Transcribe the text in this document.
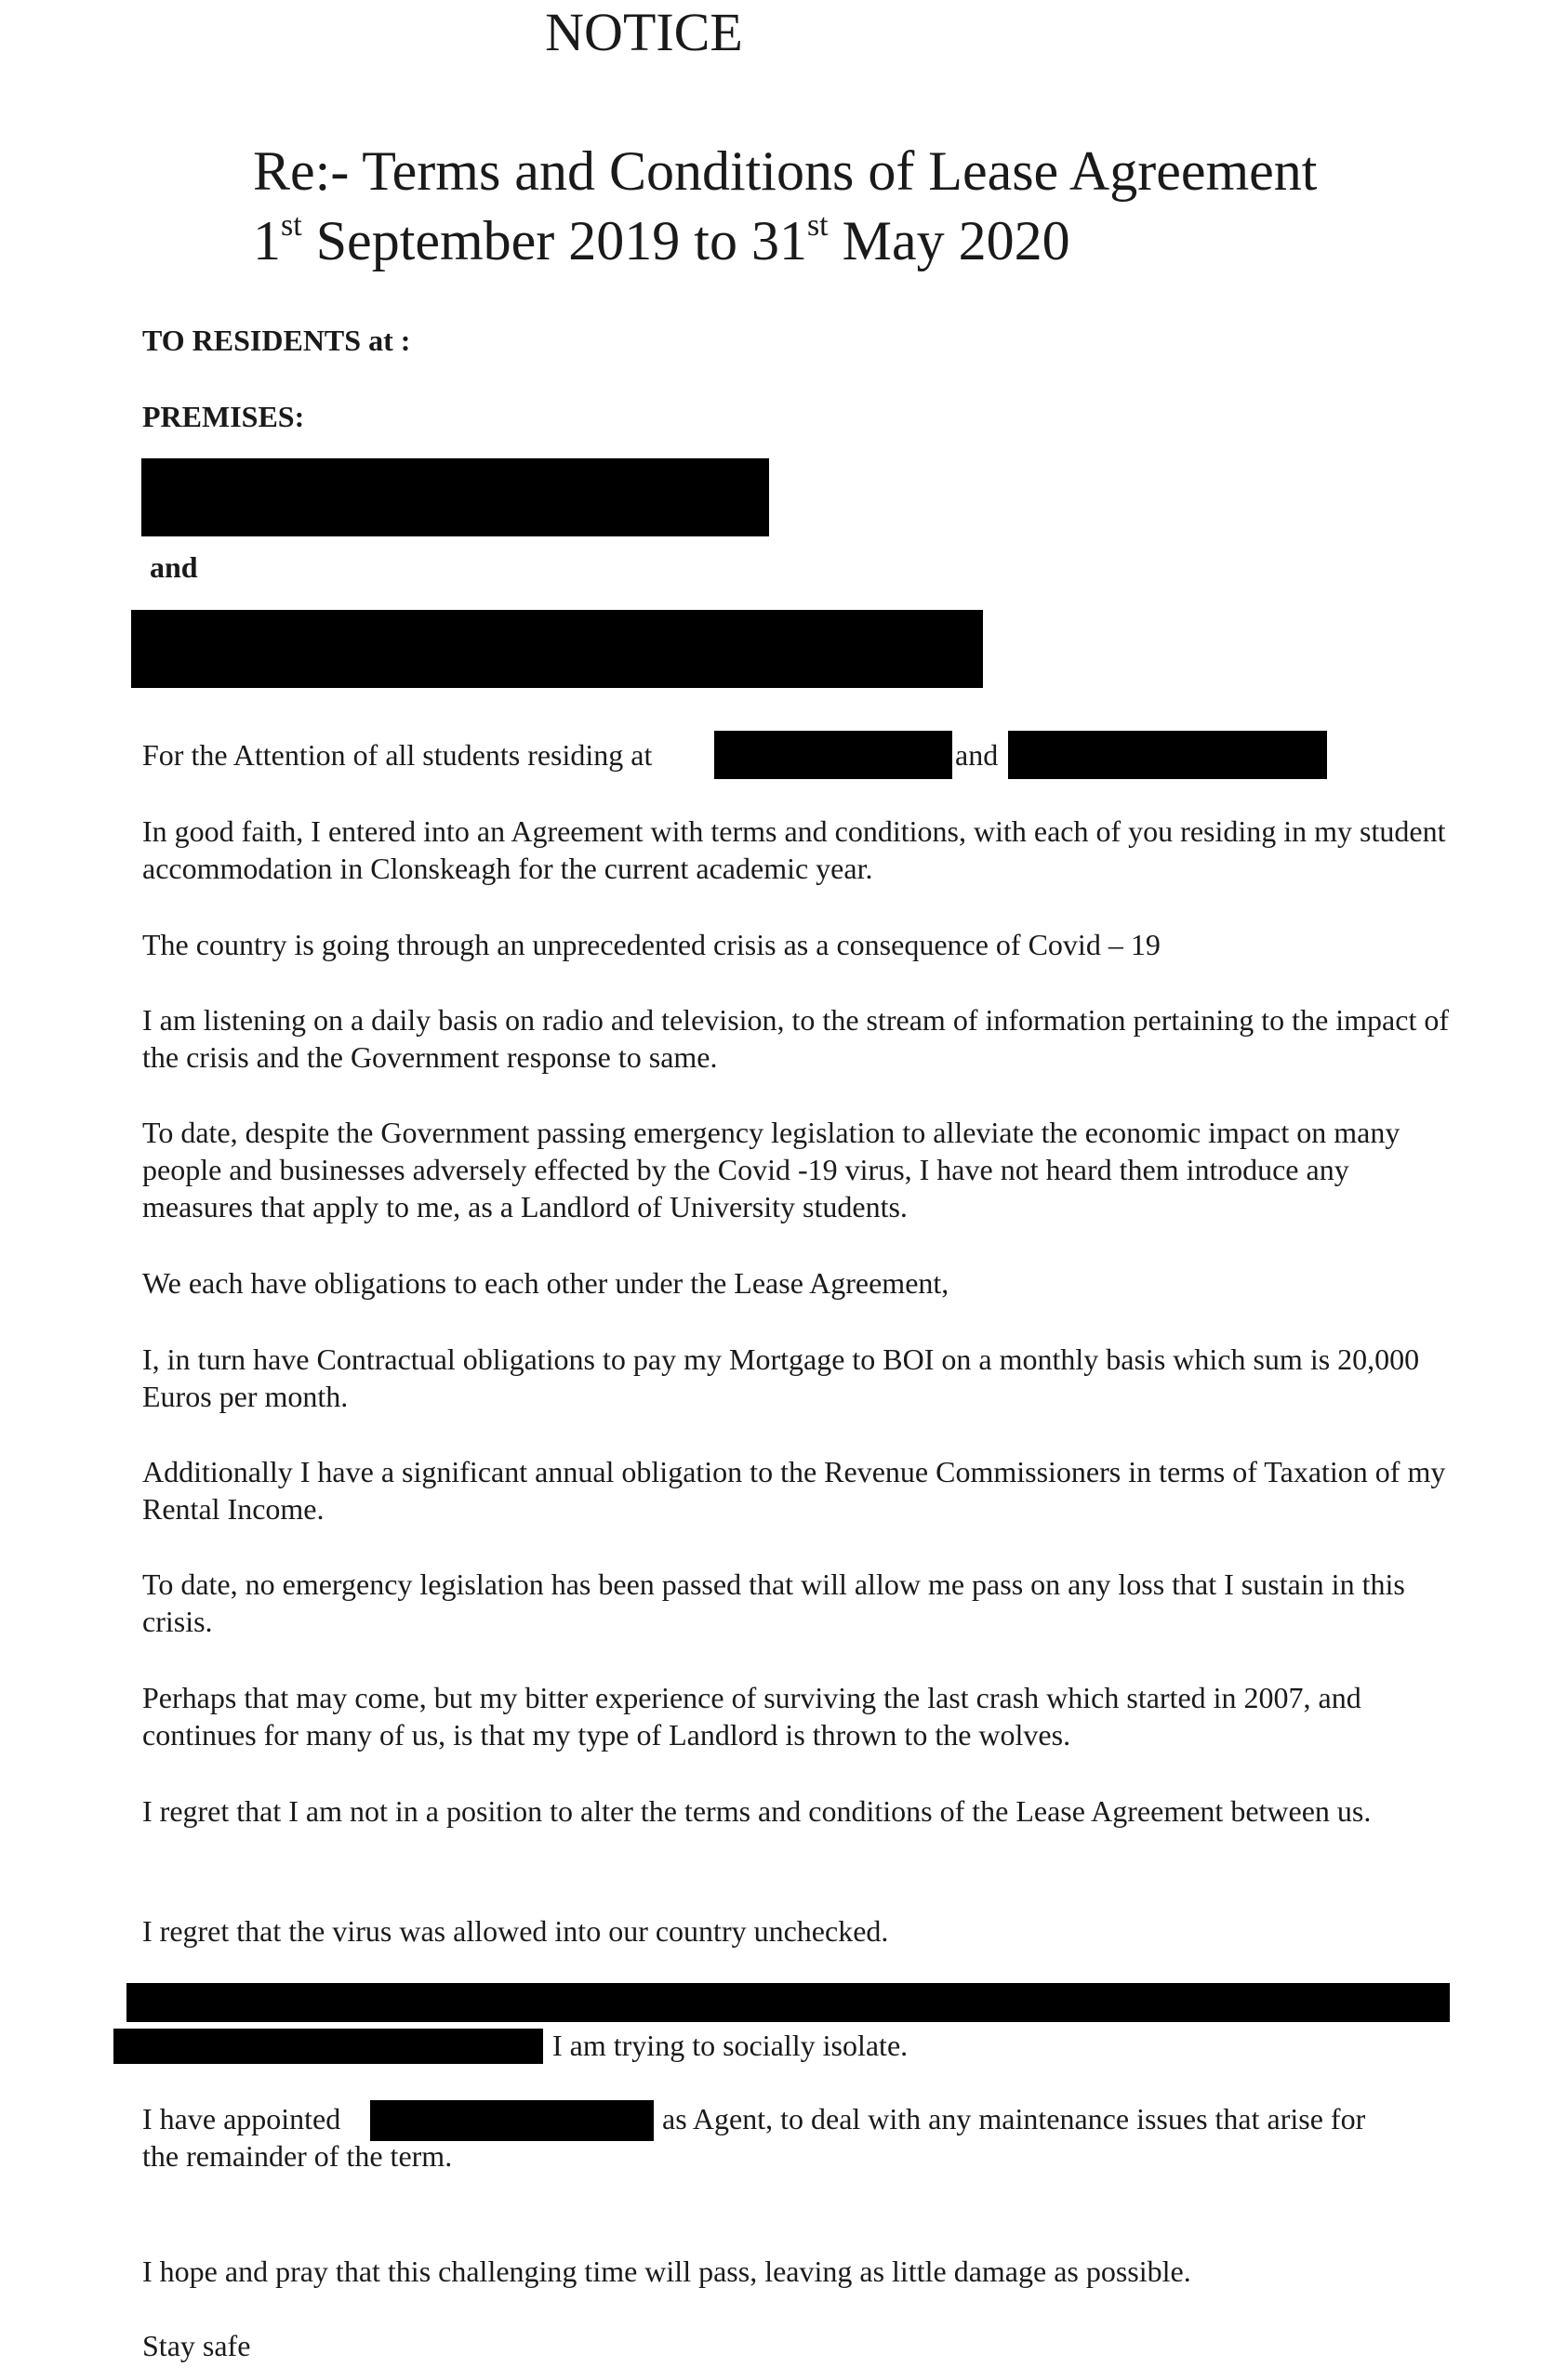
NOTICE
Re:- Terms and Conditions of Lease Agreement
1st September 2019 to 31st May 2020
TO RESIDENTS at :
PREMISES:
and
For the Attention of all students residing at	and
In good faith, I entered into an Agreement with terms and conditions, with each of you residing in my student accommodation in Clonskeagh for the current academic year.
The country is going through an unprecedented crisis as a consequence of Covid – 19
I am listening on a daily basis on radio and television, to the stream of information pertaining to the impact of the crisis and the Government response to same.
To date, despite the Government passing emergency legislation to alleviate the economic impact on many people and businesses adversely effected by the Covid -19 virus, I have not heard them introduce any measures that apply to me, as a Landlord of University students.
We each have obligations to each other under the Lease Agreement,
I, in turn have Contractual obligations to pay my Mortgage to BOI on a monthly basis which sum is 20,000 Euros per month.
Additionally I have a significant annual obligation to the Revenue Commissioners in terms of Taxation of my Rental Income.
To date, no emergency legislation has been passed that will allow me pass on any loss that I sustain in this crisis.
Perhaps that may come, but my bitter experience of surviving the last crash which started in 2007, and continues for many of us, is that my type of Landlord is thrown to the wolves.
I regret that I am not in a position to alter the terms and conditions of the Lease Agreement between us.
I regret that the virus was allowed into our country unchecked.
I am trying to socially isolate.
I have appointed	as Agent, to deal with any maintenance issues that arise for
the remainder of the term.
I hope and pray that this challenging time will pass, leaving as little damage as possible.
Stay safe
